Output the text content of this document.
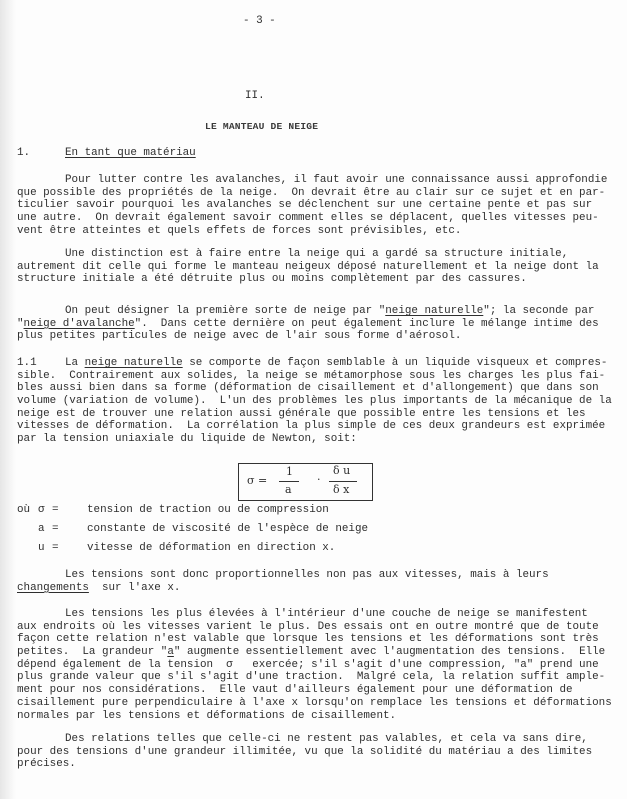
- 3 -
II.
LE MANTEAU DE NEIGE
1.	En tant que matériau
Pour lutter contre les avalanches, il faut avoir une connaissance aussi approfondie
que possible des propriétés de la neige.  On devrait être au clair sur ce sujet et en par-
ticulier savoir pourquoi les avalanches se déclenchent sur une certaine pente et pas sur
une autre.  On devrait également savoir comment elles se déplacent, quelles vitesses peu-
vent être atteintes et quels effets de forces sont prévisibles, etc.
Une distinction est à faire entre la neige qui a gardé sa structure initiale,
autrement dit celle qui forme le manteau neigeux déposé naturellement et la neige dont la
structure initiale a été détruite plus ou moins complètement par des cassures.
On peut désigner la première sorte de neige par "neige naturelle"; la seconde par
"neige d'avalanche".  Dans cette dernière on peut également inclure le mélange intime des
plus petites particules de neige avec de l'air sous forme d'aérosol.
1.1	La neige naturelle se comporte de façon semblable à un liquide visqueux et compres-
sible.  Contrairement aux solides, la neige se métamorphose sous les charges les plus fai-
bles aussi bien dans sa forme (déformation de cisaillement et d'allongement) que dans son
volume (variation de volume).  L'un des problèmes les plus importants de la mécanique de la
neige est de trouver une relation aussi générale que possible entre les tensions et les
vitesses de déformation.  La corrélation la plus simple de ces deux grandeurs est exprimée
par la tension uniaxiale du liquide de Newton, soit:
σ =
1
a
·
δ u
δ x
où σ =	tension de traction ou de compression
a =	constante de viscosité de l'espèce de neige
u =	vitesse de déformation en direction x.
Les tensions sont donc proportionnelles non pas aux vitesses, mais à leurs
changements  sur l'axe x.
Les tensions les plus élevées à l'intérieur d'une couche de neige se manifestent
aux endroits où les vitesses varient le plus. Des essais ont en outre montré que de toute
façon cette relation n'est valable que lorsque les tensions et les déformations sont très
petites.  La grandeur "a" augmente essentiellement avec l'augmentation des tensions.  Elle
dépend également de la tension  σ   exercée; s'il s'agit d'une compression, "a" prend une
plus grande valeur que s'il s'agit d'une traction.  Malgré cela, la relation suffit ample-
ment pour nos considérations.  Elle vaut d'ailleurs également pour une déformation de
cisaillement pure perpendiculaire à l'axe x lorsqu'on remplace les tensions et déformations
normales par les tensions et déformations de cisaillement.
Des relations telles que celle-ci ne restent pas valables, et cela va sans dire,
pour des tensions d'une grandeur illimitée, vu que la solidité du matériau a des limites
précises.
